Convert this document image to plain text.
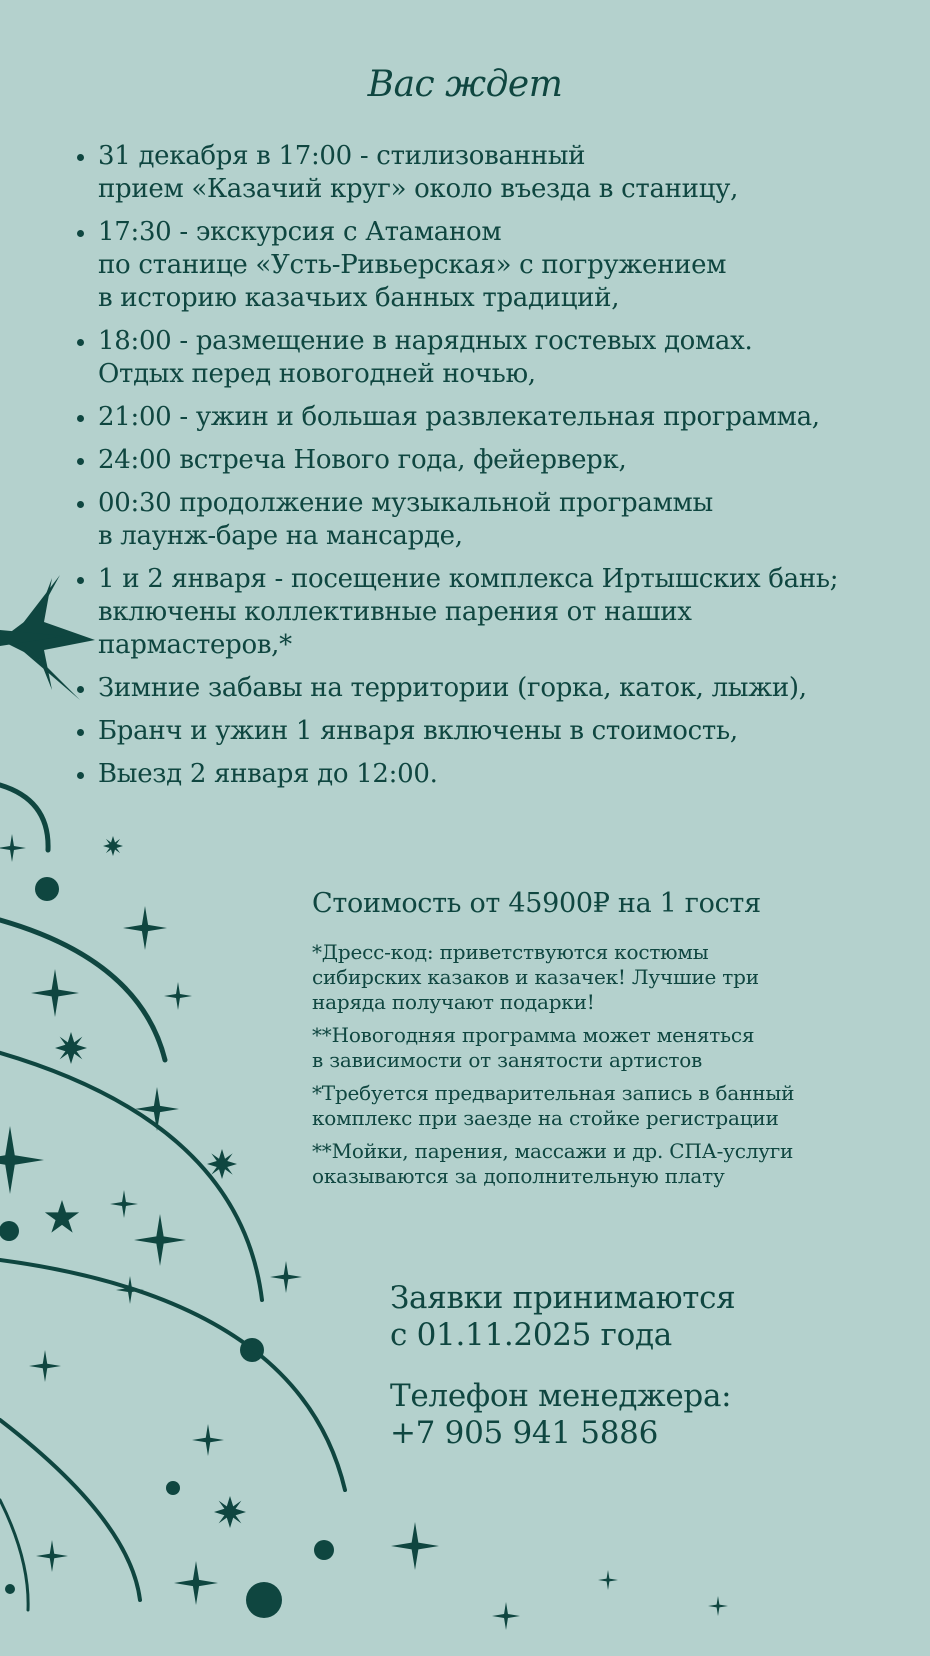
Вас ждет
• 31 декабря в 17:00 - стилизованный
прием «Казачий круг» около въезда в станицу,
• 17:30 - экскурсия с Атаманом
по станице «Усть-Ривьерская» с погружением
в историю казачьих банных традиций,
• 18:00 - размещение в нарядных гостевых домах.
Отдых перед новогодней ночью,
• 21:00 - ужин и большая развлекательная программа,
• 24:00 встреча Нового года, фейерверк,
• 00:30 продолжение музыкальной программы
в лаунж-баре на мансарде,
• 1 и 2 января - посещение комплекса Иртышских бань;
включены коллективные парения от наших
пармастеров,*
• Зимние забавы на территории (горка, каток, лыжи),
• Бранч и ужин 1 января включены в стоимость,
• Выезд 2 января до 12:00.
Стоимость от 45900₽ на 1 гостя
*Дресс-код: приветствуются костюмы
сибирских казаков и казачек! Лучшие три
наряда получают подарки!
**Новогодняя программа может меняться
в зависимости от занятости артистов
*Требуется предварительная запись в банный
комплекс при заезде на стойке регистрации
**Мойки, парения, массажи и др. СПА-услуги
оказываются за дополнительную плату
Заявки принимаются
с 01.11.2025 года
Телефон менеджера:
+7 905 941 5886
